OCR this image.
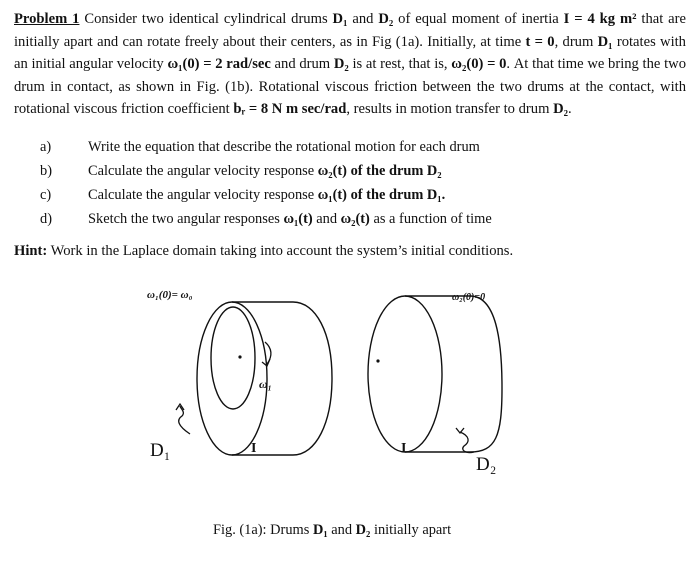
Problem 1 Consider two identical cylindrical drums D₁ and D₂ of equal moment of inertia I = 4 kg m² that are initially apart and can rotate freely about their centers, as in Fig (1a). Initially, at time t = 0, drum D₁ rotates with an initial angular velocity ω₁(0) = 2 rad/sec and drum D₂ is at rest, that is, ω₂(0) = 0. At that time we bring the two drum in contact, as shown in Fig. (1b). Rotational viscous friction between the two drums at the contact, with rotational viscous friction coefficient bᵣ = 8 N m sec/rad, results in motion transfer to drum D₂.
a)	Write the equation that describe the rotational motion for each drum
b)	Calculate the angular velocity response ω₂(t) of the drum D₂
c)	Calculate the angular velocity response ω₁(t) of the drum D₁.
d)	Sketch the two angular responses ω₁(t) and ω₂(t) as a function of time
Hint: Work in the Laplace domain taking into account the system’s initial conditions.
ω₁(0)= ω₀	ω₂(0)=0
ω₁
D₁
D₂
I	I
Fig. (1a): Drums D₁ and D₂ initially apart
